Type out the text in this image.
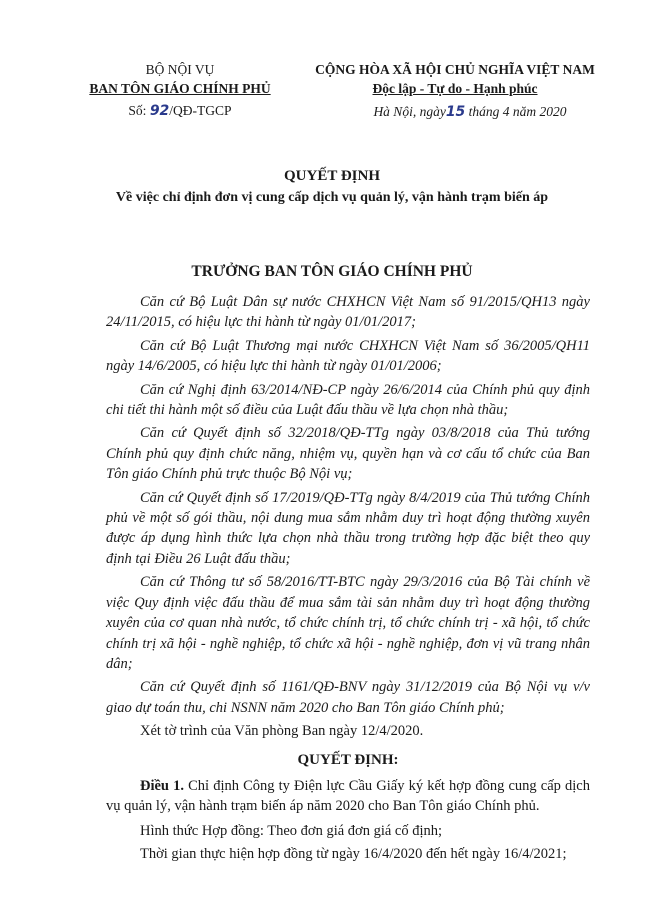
BỘ NỘI VỤ
BAN TÔN GIÁO CHÍNH PHỦ
Số: 92/QĐ-TGCP
CỘNG HÒA XÃ HỘI CHỦ NGHĨA VIỆT NAM
Độc lập - Tự do - Hạnh phúc
Hà Nội, ngày15 tháng 4 năm 2020
QUYẾT ĐỊNH
Về việc chỉ định đơn vị cung cấp dịch vụ quản lý, vận hành trạm biến áp
TRƯỞNG BAN TÔN GIÁO CHÍNH PHỦ

Căn cứ Bộ Luật Dân sự nước CHXHCN Việt Nam số 91/2015/QH13 ngày 24/11/2015, có hiệu lực thi hành từ ngày 01/01/2017;

Căn cứ Bộ Luật Thương mại nước CHXHCN Việt Nam số 36/2005/QH11 ngày 14/6/2005, có hiệu lực thi hành từ ngày 01/01/2006;

Căn cứ Nghị định 63/2014/NĐ-CP ngày 26/6/2014 của Chính phủ quy định chi tiết thi hành một số điều của Luật đấu thầu về lựa chọn nhà thầu;

Căn cứ Quyết định số 32/2018/QĐ-TTg ngày 03/8/2018 của Thủ tướng Chính phủ quy định chức năng, nhiệm vụ, quyền hạn và cơ cấu tổ chức của Ban Tôn giáo Chính phủ trực thuộc Bộ Nội vụ;

Căn cứ Quyết định số 17/2019/QĐ-TTg ngày 8/4/2019 của Thủ tướng Chính phủ về một số gói thầu, nội dung mua sắm nhằm duy trì hoạt động thường xuyên được áp dụng hình thức lựa chọn nhà thầu trong trường hợp đặc biệt theo quy định tại Điều 26 Luật đấu thầu;

Căn cứ Thông tư số 58/2016/TT-BTC ngày 29/3/2016 của Bộ Tài chính về việc Quy định việc đấu thầu để mua sắm tài sản nhằm duy trì hoạt động thường xuyên của cơ quan nhà nước, tổ chức chính trị, tổ chức chính trị - xã hội, tổ chức chính trị xã hội - nghề nghiệp, tổ chức xã hội - nghề nghiệp, đơn vị vũ trang nhân dân;

Căn cứ Quyết định số 1161/QĐ-BNV ngày 31/12/2019 của Bộ Nội vụ v/v giao dự toán thu, chi NSNN năm 2020 cho Ban Tôn giáo Chính phủ;

Xét tờ trình của Văn phòng Ban ngày 12/4/2020.

QUYẾT ĐỊNH:

Điều 1. Chỉ định Công ty Điện lực Cầu Giấy ký kết hợp đồng cung cấp dịch vụ quản lý, vận hành trạm biến áp năm 2020 cho Ban Tôn giáo Chính phủ.

Hình thức Hợp đồng: Theo đơn giá đơn giá cố định;

Thời gian thực hiện hợp đồng từ ngày 16/4/2020 đến hết ngày 16/4/2021;
